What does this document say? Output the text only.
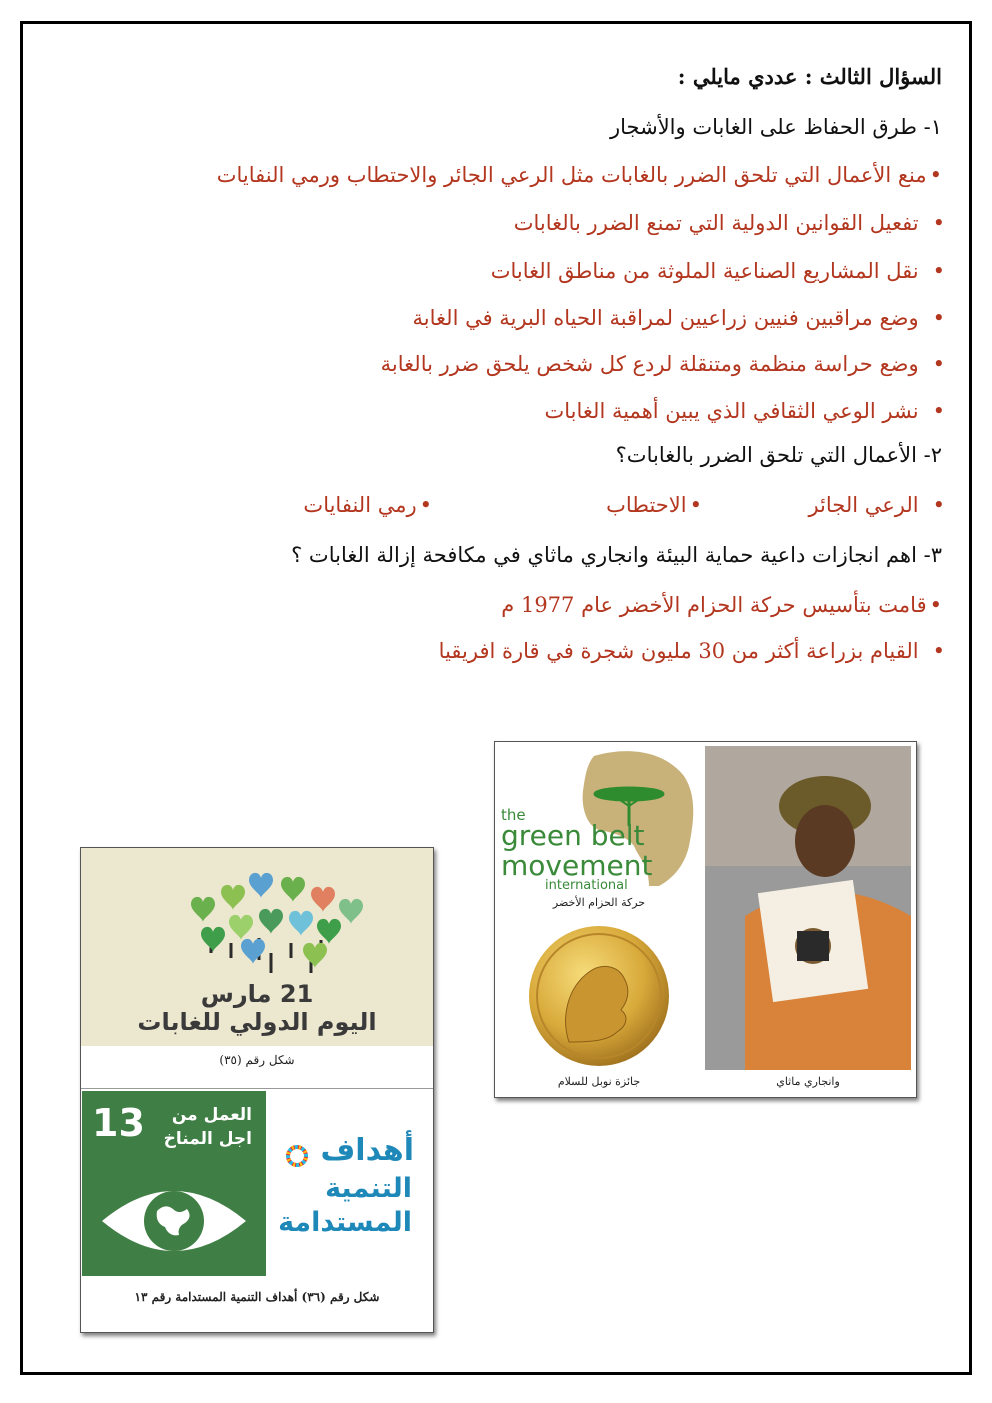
السؤال الثالث : عددي مايلي :
١- طرق الحفاظ على الغابات والأشجار
• منع الأعمال التي تلحق الضرر بالغابات مثل الرعي الجائر والاحتطاب ورمي النفايات
• تفعيل القوانين الدولية التي تمنع الضرر بالغابات
• نقل المشاريع الصناعية الملوثة من مناطق الغابات
• وضع مراقبين فنيين زراعيين لمراقبة الحياه البرية في الغابة
• وضع حراسة منظمة ومتنقلة لردع كل شخص يلحق ضرر بالغابة
• نشر الوعي الثقافي الذي يبين أهمية الغابات
٢- الأعمال التي تلحق الضرر بالغابات؟
• الرعي الجائر
• الاحتطاب
• رمي النفايات
٣- اهم انجازات داعية حماية البيئة وانجاري ماثاي في مكافحة إزالة الغابات ؟
• قامت بتأسيس حركة الحزام الأخضر عام 1977 م
• القيام بزراعة أكثر من 30 مليون شجرة في قارة افريقيا
21 مارس
اليوم الدولي للغابات
شكل رقم (٣٥)
13 العمل من
اجل المناخ أهداف
التنمية
المستدامة
شكل رقم (٣٦) أهداف التنمية المستدامة رقم ١٣
the
green belt
movement
international
حركة الحزام الأخضر
جائزة نوبل للسلام	وانجاري ماثاي
